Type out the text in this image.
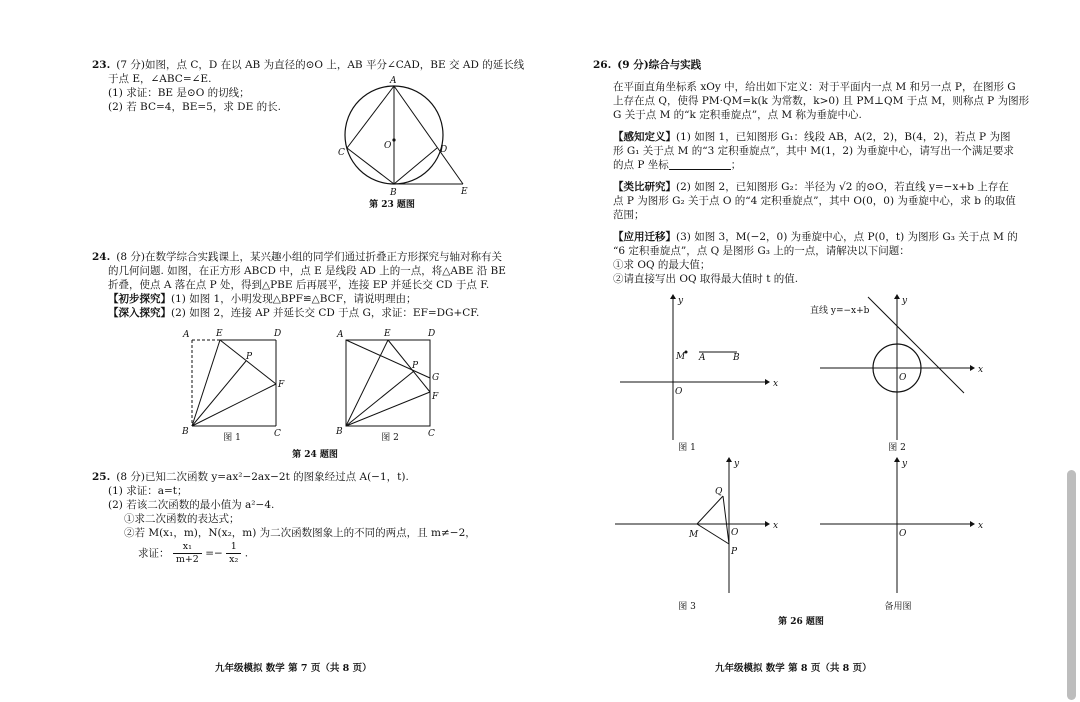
23. (7 分)如图，点 C，D 在以 AB 为直径的⊙O 上，AB 平分∠CAD，BE 交 AD 的延长线

于点 E，∠ABC=∠E.

(1) 求证：BE 是⊙O 的切线；

(2) 若 BC=4，BE=5，求 DE 的长.

A
B
C	D
E
O
第 23 题图

24. (8 分)在数学综合实践课上，某兴趣小组的同学们通过折叠正方形探究与轴对称有关

的几何问题. 如图，在正方形 ABCD 中，点 E 是线段 AD 上的一点，将△ABE 沿 BE

折叠，使点 A 落在点 P 处，得到△PBE 后再展平，连接 EP 并延长交 CD 于点 F.

【初步探究】(1) 如图 1，小明发现△BPF≌△BCF，请说明理由；

【深入探究】(2) 如图 2，连接 AP 并延长交 CD 于点 G，求证：EF=DG+CF.

A	E	D
P
F
B	C
图 1
A	E	D
P
G
F
B	C
图 2
第 24 题图

25. (8 分)已知二次函数 y=ax²−2ax−2t 的图象经过点 A(−1，t).

(1) 求证：a=t；

(2) 若该二次函数的最小值为 a²−4.

①求二次函数的表达式；

②若 M(x₁，m)，N(x₂，m) 为二次函数图象上的不同的两点，且 m≠−2，

求证： $\frac{\text{x₁}}{m+2} =- \frac{1}{\text{x₂}}$ .
九年级模拟 数学 第 7 页（共 8 页）

26. (9 分)综合与实践

在平面直角坐标系 xOy 中，给出如下定义：对于平面内一点 M 和另一点 P，在图形 G

上存在点 Q，使得 PM·QM=k(k 为常数，k>0) 且 PM⊥QM 于点 M，则称点 P 为图形

G 关于点 M 的“k 定积垂旋点”，点 M 称为垂旋中心.

【感知定义】(1) 如图 1，已知图形 G₁：线段 AB，A(2，2)，B(4，2)，若点 P 为图

形 G₁ 关于点 M 的“3 定积垂旋点”，其中 M(1，2) 为垂旋中心，请写出一个满足要求

的点 P 坐标	；

【类比研究】(2) 如图 2，已知图形 G₂：半径为 √2 的⊙O，若直线 y=−x+b 上存在

点 P 为图形 G₂ 关于点 O 的“4 定积垂旋点”，其中 O(0，0) 为垂旋中心，求 b 的取值

范围；

【应用迁移】(3) 如图 3，M(−2，0) 为垂旋中心，点 P(0，t) 为图形 G₃ 关于点 M 的

“6 定积垂旋点”，点 Q 是图形 G₃ 上的一点，请解决以下问题：

①求 OQ 的最大值；

②请直接写出 OQ 取得最大值时 t 的值.

x
y
O
M A	B
图 1
直线 y=−x+b
x
y
O
图 2
x
y
O
M
Q
P
图 3
x
y
O
备用图
第 26 题图
九年级模拟 数学 第 8 页（共 8 页）
